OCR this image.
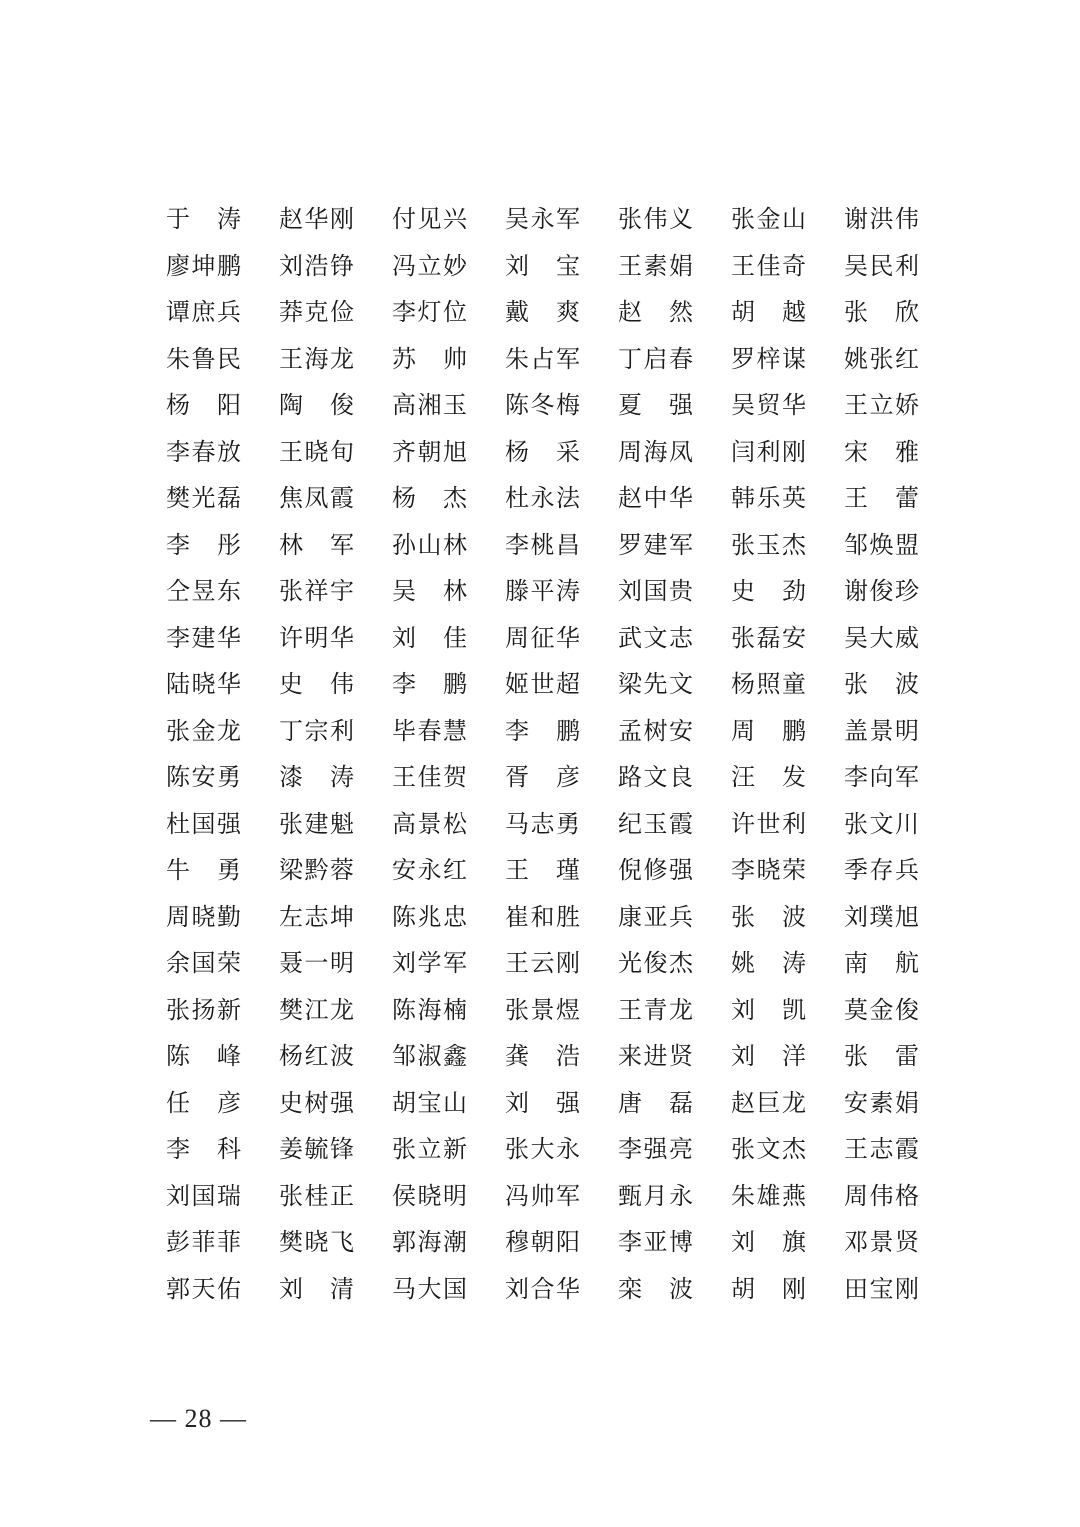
于 涛 赵 华 刚 付 见 兴 吴 永 军 张 伟 义 张 金 山 谢 洪 伟
廖 坤 鹏 刘 浩 铮 冯 立 妙 刘 宝 王 素 娟 王 佳 奇 吴 民 利
谭 庶 兵 莽 克 俭 李 灯 位 戴 爽 赵 然 胡 越 张 欣
朱 鲁 民 王 海 龙 苏 帅 朱 占 军 丁 启 春 罗 梓 谋 姚 张 红
杨 阳 陶 俊 高 湘 玉 陈 冬 梅 夏 强 吴 贸 华 王 立 娇
李 春 放 王 晓 旬 齐 朝 旭 杨 采 周 海 凤 闫 利 刚 宋 雅
樊 光 磊 焦 凤 霞 杨 杰 杜 永 法 赵 中 华 韩 乐 英 王 蕾
李 彤 林 军 孙 山 林 李 桃 昌 罗 建 军 张 玉 杰 邹 焕 盟
仝 昱 东 张 祥 宇 吴 林 滕 平 涛 刘 国 贵 史 劲 谢 俊 珍
李 建 华 许 明 华 刘 佳 周 征 华 武 文 志 张 磊 安 吴 大 威
陆 晓 华 史 伟 李 鹏 姬 世 超 梁 先 文 杨 照 童 张 波
张 金 龙 丁 宗 利 毕 春 慧 李 鹏 孟 树 安 周 鹏 盖 景 明
陈 安 勇 漆 涛 王 佳 贺 胥 彦 路 文 良 汪 发 李 向 军
杜 国 强 张 建 魁 高 景 松 马 志 勇 纪 玉 霞 许 世 利 张 文 川
牛 勇 梁 黔 蓉 安 永 红 王 瑾 倪 修 强 李 晓 荣 季 存 兵
周 晓 勤 左 志 坤 陈 兆 忠 崔 和 胜 康 亚 兵 张 波 刘 璞 旭
余 国 荣 聂 一 明 刘 学 军 王 云 刚 光 俊 杰 姚 涛 南 航
张 扬 新 樊 江 龙 陈 海 楠 张 景 煜 王 青 龙 刘 凯 莫 金 俊
陈 峰 杨 红 波 邹 淑 鑫 龚 浩 来 进 贤 刘 洋 张 雷
任 彦 史 树 强 胡 宝 山 刘 强 唐 磊 赵 巨 龙 安 素 娟
李 科 姜 毓 锋 张 立 新 张 大 永 李 强 亮 张 文 杰 王 志 霞
刘 国 瑞 张 桂 正 侯 晓 明 冯 帅 军 甄 月 永 朱 雄 燕 周 伟 格
彭 菲 菲 樊 晓 飞 郭 海 潮 穆 朝 阳 李 亚 博 刘 旗 邓 景 贤
郭 天 佑 刘 清 马 大 国 刘 合 华 栾 波 胡 刚 田 宝 刚
— 28 —
